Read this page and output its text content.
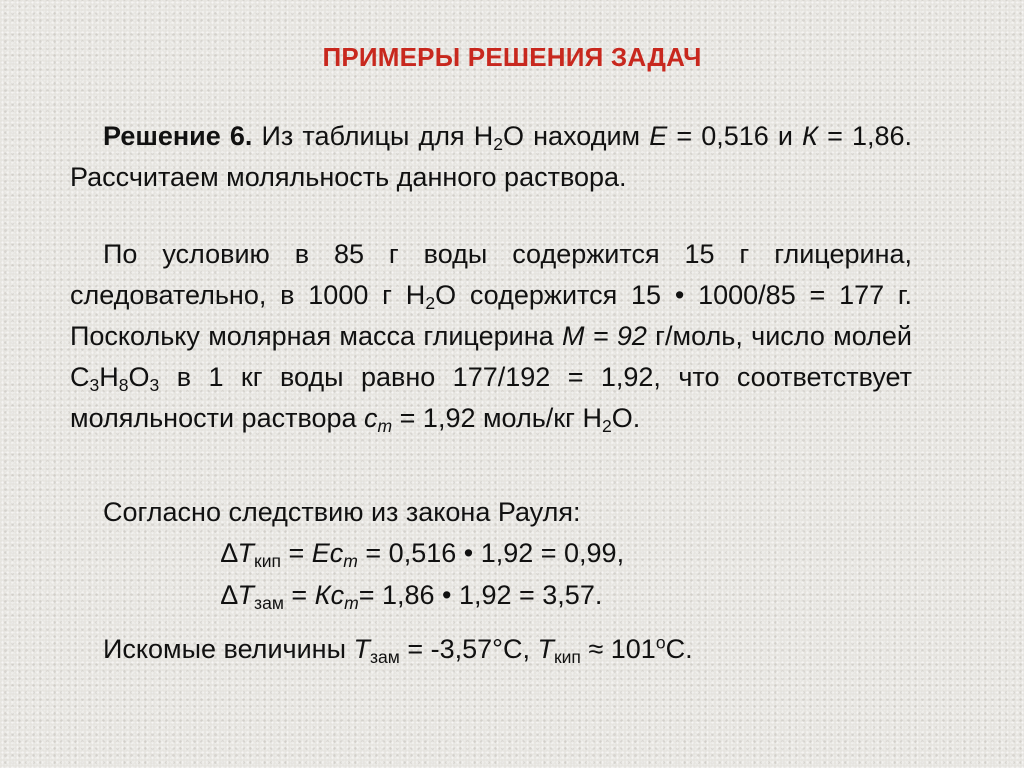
ПРИМЕРЫ РЕШЕНИЯ ЗАДАЧ

Решение 6. Из таблицы для $Н_2О$ находим Е = 0,516 и К = 1,86. Рассчитаем моляльность данного раствора.

По условию в 85 г воды содержится 15 г глицерина, следовательно, в 1000 г $Н_2О$ содержится 15 • 1000/85 = 177 г. Поскольку молярная масса глицерина М = 92 г/моль, число молей $С_3Н_8О_3$ в 1 кг воды равно 177/192 = 1,92, что соответствует моляльности раствора $с_m = 1,92$ моль/кг $Н_2О$.

Согласно следствию из закона Рауля:
$\Delta Т_{кип} = Ес_m = 0,516$ • 1,92 = 0,99,
$\Delta Т_{зам} = Кс_m= 1,86$ • 1,92 = 3,57.
Искомые величины $Т_{зам} = -3,57^\circ С$, $Т_{кип} \approx 101^оС$.
